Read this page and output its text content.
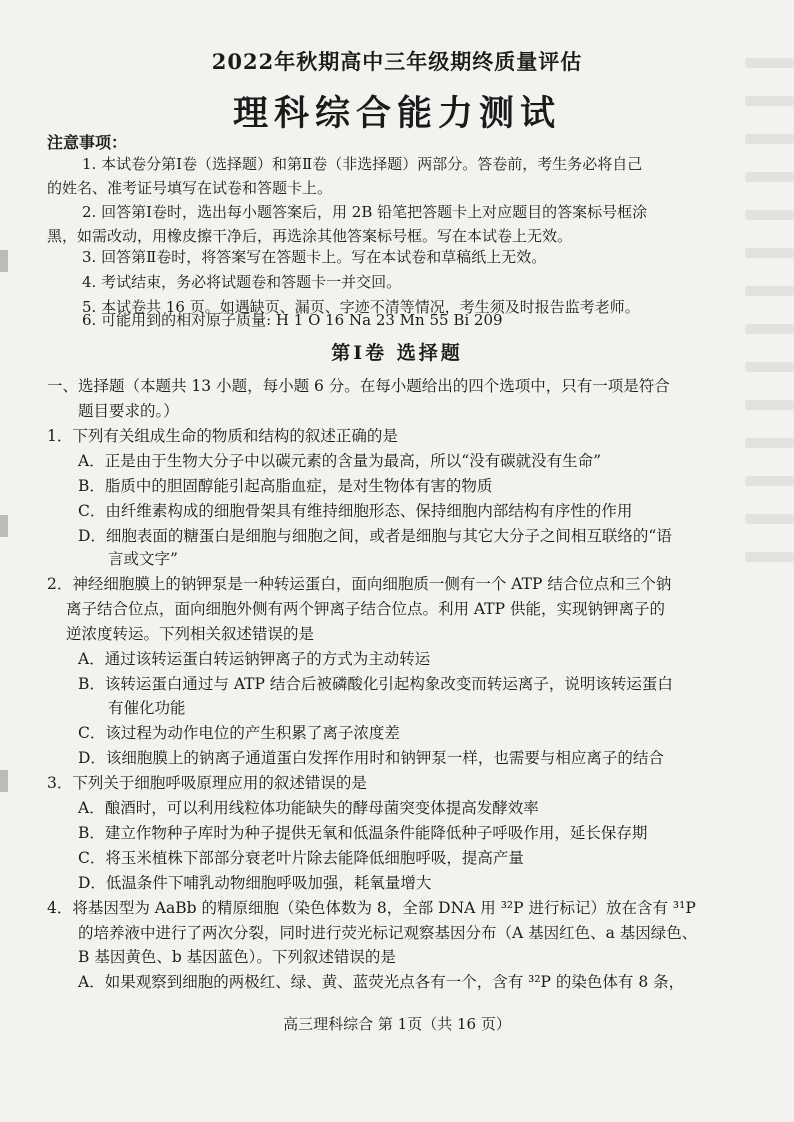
2022年秋期高中三年级期终质量评估
理科综合能力测试
注意事项：
1. 本试卷分第Ⅰ卷（选择题）和第Ⅱ卷（非选择题）两部分。答卷前，考生务必将自己
的姓名、准考证号填写在试卷和答题卡上。
2. 回答第Ⅰ卷时，选出每小题答案后，用 2B 铅笔把答题卡上对应题目的答案标号框涂
黑，如需改动，用橡皮擦干净后，再选涂其他答案标号框。写在本试卷上无效。
3. 回答第Ⅱ卷时，将答案写在答题卡上。写在本试卷和草稿纸上无效。
4. 考试结束，务必将试题卷和答题卡一并交回。
5. 本试卷共 16 页。如遇缺页、漏页、字迹不清等情况，考生须及时报告监考老师。
6. 可能用到的相对原子质量: H 1 O 16 Na 23 Mn 55 Bi 209
第Ⅰ卷 选择题
一、选择题（本题共 13 小题，每小题 6 分。在每小题给出的四个选项中，只有一项是符合
题目要求的。）
1．下列有关组成生命的物质和结构的叙述正确的是
A．正是由于生物大分子中以碳元素的含量为最高，所以“没有碳就没有生命”
B．脂质中的胆固醇能引起高脂血症，是对生物体有害的物质
C．由纤维素构成的细胞骨架具有维持细胞形态、保持细胞内部结构有序性的作用
D．细胞表面的糖蛋白是细胞与细胞之间，或者是细胞与其它大分子之间相互联络的“语
言或文字”
2．神经细胞膜上的钠钾泵是一种转运蛋白，面向细胞质一侧有一个 ATP 结合位点和三个钠
离子结合位点，面向细胞外侧有两个钾离子结合位点。利用 ATP 供能，实现钠钾离子的
逆浓度转运。下列相关叙述错误的是
A．通过该转运蛋白转运钠钾离子的方式为主动转运
B．该转运蛋白通过与 ATP 结合后被磷酸化引起构象改变而转运离子，说明该转运蛋白
有催化功能
C．该过程为动作电位的产生积累了离子浓度差
D．该细胞膜上的钠离子通道蛋白发挥作用时和钠钾泵一样，也需要与相应离子的结合
3．下列关于细胞呼吸原理应用的叙述错误的是
A．酿酒时，可以利用线粒体功能缺失的酵母菌突变体提高发酵效率
B．建立作物种子库时为种子提供无氧和低温条件能降低种子呼吸作用，延长保存期
C．将玉米植株下部部分衰老叶片除去能降低细胞呼吸，提高产量
D．低温条件下哺乳动物细胞呼吸加强，耗氧量增大
4．将基因型为 AaBb 的精原细胞（染色体数为 8，全部 DNA 用 ³²P 进行标记）放在含有 ³¹P
的培养液中进行了两次分裂，同时进行荧光标记观察基因分布（A 基因红色、a 基因绿色、
B 基因黄色、b 基因蓝色）。下列叙述错误的是
A．如果观察到细胞的两极红、绿、黄、蓝荧光点各有一个，含有 ³²P 的染色体有 8 条，
高三理科综合 第 1页（共 16 页）
